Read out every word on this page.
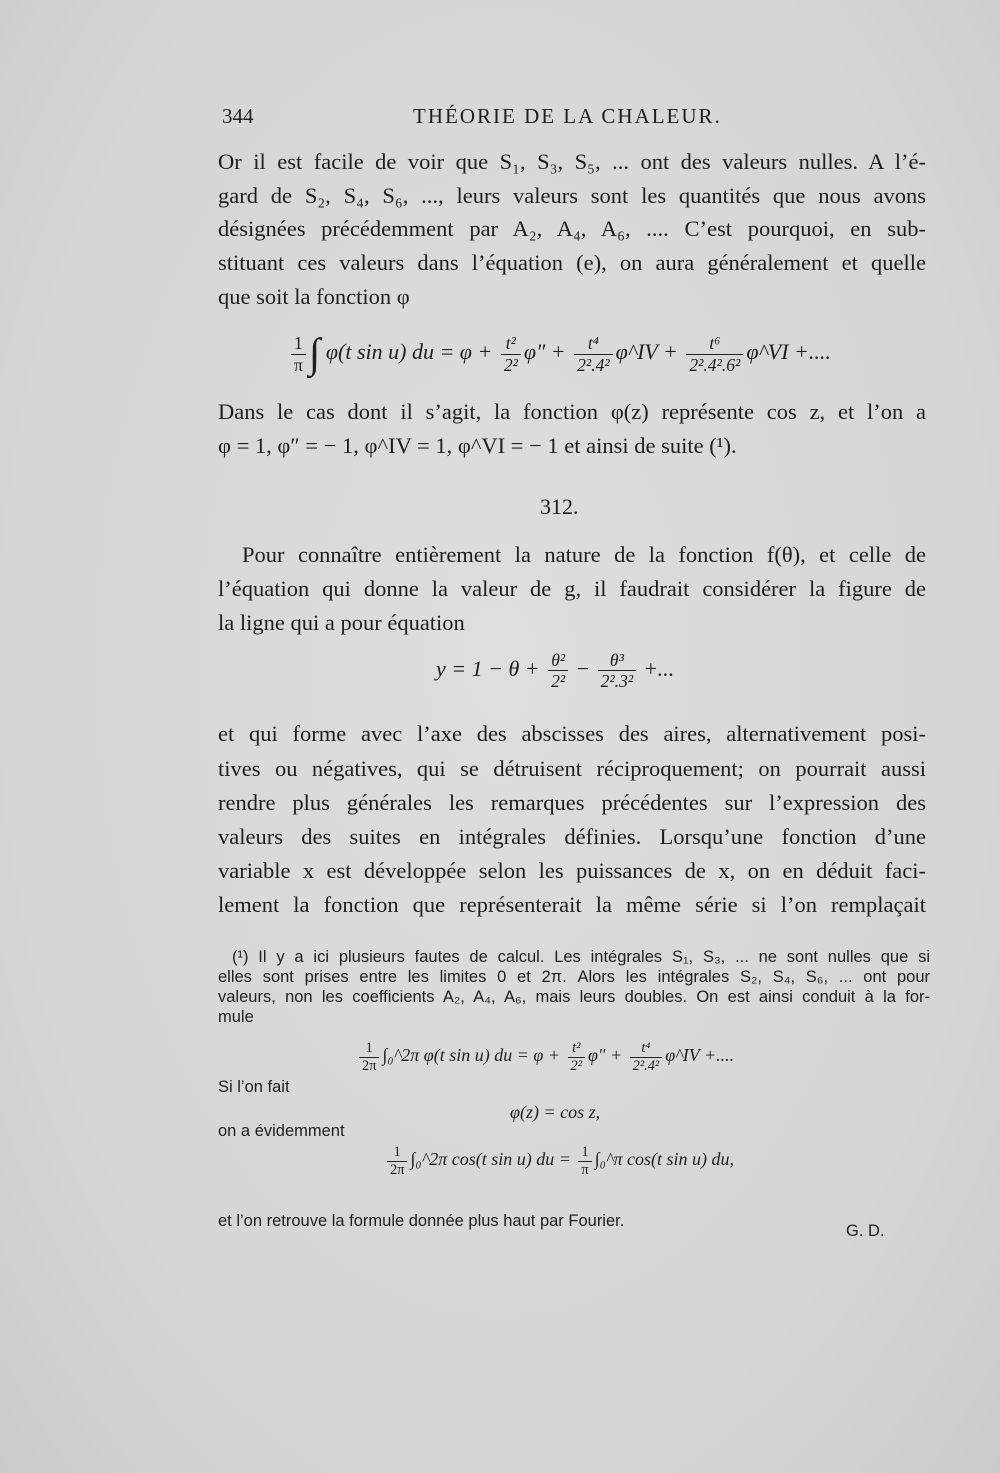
344	THÉORIE DE LA CHALEUR.
Or il est facile de voir que S₁, S₃, S₅, ... ont des valeurs nulles. A l’é-
gard de S₂, S₄, S₆, ..., leurs valeurs sont les quantités que nous avons
désignées précédemment par A₂, A₄, A₆, .... C’est pourquoi, en sub-
stituant ces valeurs dans l’équation (e), on aura généralement et quelle
que soit la fonction φ
$\frac{1}{\pi}$ ∫ φ(t sin u) du = $\varphi + \frac{\text{t²}}{\text{2²}} \varphi'' + \frac{\text{t⁴}}{\text{2².4²}}$ φ^IV + $\frac{\text{t⁶}}{\text{2².4².6²}}$ φ^VI +....
Dans le cas dont il s’agit, la fonction φ(z) représente cos z, et l’on a
φ = 1, φ″ = − 1, φ^IV = 1, φ^VI = − 1 et ainsi de suite (¹).
312.
Pour connaître entièrement la nature de la fonction f(θ), et celle de
l’équation qui donne la valeur de g, il faudrait considérer la figure de
la ligne qui a pour équation
$y = 1 - \theta + \frac{\text{θ²}}{\text{2²}} - \frac{\text{θ³}}{\text{2².3²}}$ +...
et qui forme avec l’axe des abscisses des aires, alternativement posi-
tives ou négatives, qui se détruisent réciproquement; on pourrait aussi
rendre plus générales les remarques précédentes sur l’expression des
valeurs des suites en intégrales définies. Lorsqu’une fonction d’une
variable x est développée selon les puissances de x, on en déduit faci-
lement la fonction que représenterait la même série si l’on remplaçait
(¹) Il y a ici plusieurs fautes de calcul. Les intégrales S₁, S₃, ... ne sont nulles que si
elles sont prises entre les limites 0 et 2π. Alors les intégrales S₂, S₄, S₆, ... ont pour
valeurs, non les coefficients A₂, A₄, A₆, mais leurs doubles. On est ainsi conduit à la for-
mule
$\frac{1}{2\pi}$ ∫₀^2π φ(t sin u) du = $\varphi + \frac{\text{t²}}{\text{2²}} \varphi'' + \frac{\text{t⁴}}{\text{2².4²}}$ φ^IV +....
Si l’on fait
φ(z) = cos z,
on a évidemment
$\frac{1}{2\pi}$ ∫₀^2π cos(t sin u) du = $\frac{1}{\pi}$ ∫₀^π cos(t sin u) du,
et l’on retrouve la formule donnée plus haut par Fourier.
G. D.
